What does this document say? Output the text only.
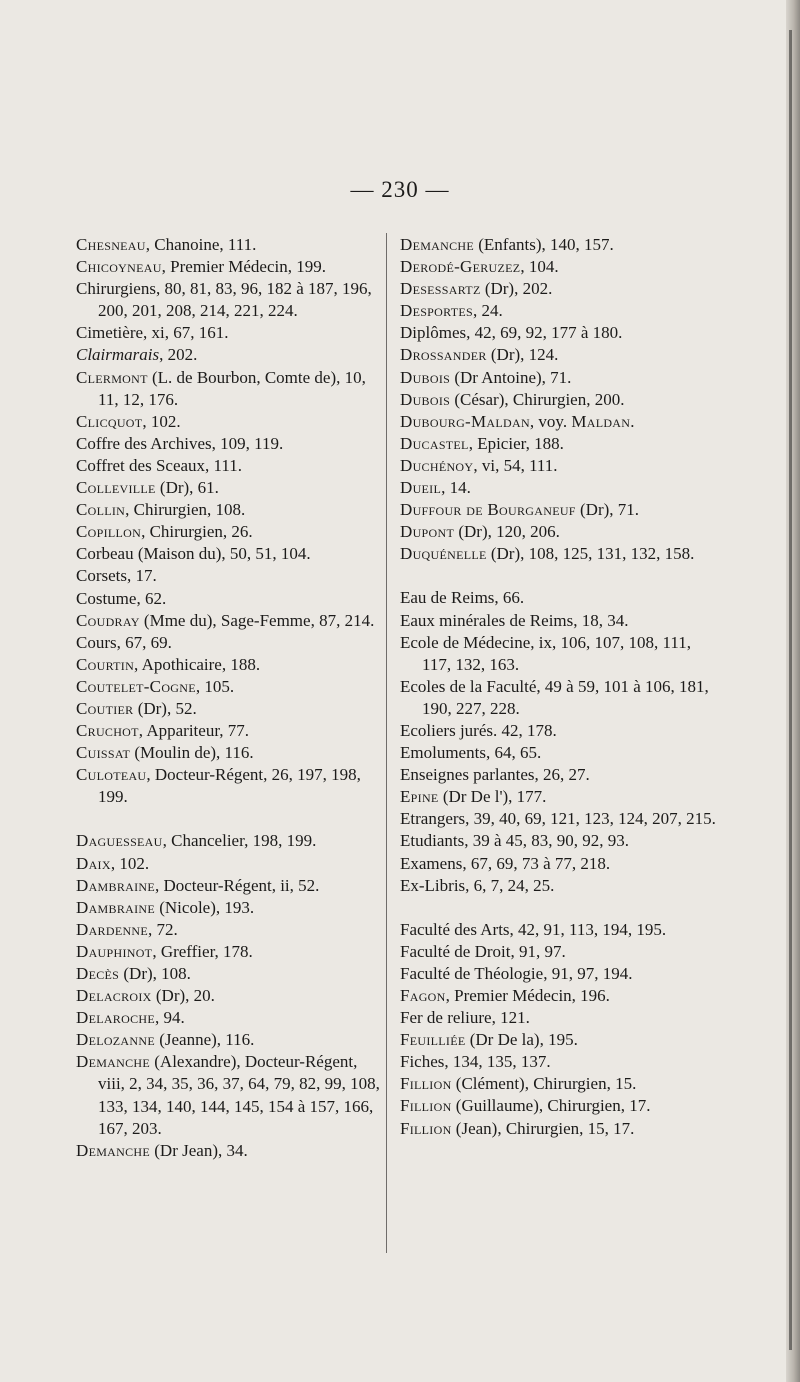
— 230 —

Chesneau, Chanoine, 111.

Chicoyneau, Premier Médecin, 199.

Chirurgiens, 80, 81, 83, 96, 182 à 187, 196, 200, 201, 208, 214, 221, 224.

Cimetière, xi, 67, 161.

Clairmarais, 202.

Clermont (L. de Bourbon, Comte de), 10, 11, 12, 176.

Clicquot, 102.

Coffre des Archives, 109, 119.

Coffret des Sceaux, 111.

Colleville (Dr), 61.

Collin, Chirurgien, 108.

Copillon, Chirurgien, 26.

Corbeau (Maison du), 50, 51, 104.

Corsets, 17.

Costume, 62.

Coudray (Mme du), Sage-Femme, 87, 214.

Cours, 67, 69.

Courtin, Apothicaire, 188.

Coutelet-Cogne, 105.

Coutier (Dr), 52.

Cruchot, Appariteur, 77.

Cuissat (Moulin de), 116.

Culoteau, Docteur-Régent, 26, 197, 198, 199.

Daguesseau, Chancelier, 198, 199.

Daix, 102.

Dambraine, Docteur-Régent, ii, 52.

Dambraine (Nicole), 193.

Dardenne, 72.

Dauphinot, Greffier, 178.

Decès (Dr), 108.

Delacroix (Dr), 20.

Delaroche, 94.

Delozanne (Jeanne), 116.

Demanche (Alexandre), Docteur-Régent, viii, 2, 34, 35, 36, 37, 64, 79, 82, 99, 108, 133, 134, 140, 144, 145, 154 à 157, 166, 167, 203.

Demanche (Dr Jean), 34.

Demanche (Enfants), 140, 157.

Derodé-Geruzez, 104.

Desessartz (Dr), 202.

Desportes, 24.

Diplômes, 42, 69, 92, 177 à 180.

Drossander (Dr), 124.

Dubois (Dr Antoine), 71.

Dubois (César), Chirurgien, 200.

Dubourg-Maldan, voy. Maldan.

Ducastel, Epicier, 188.

Duchénoy, vi, 54, 111.

Dueil, 14.

Duffour de Bourganeuf (Dr), 71.

Dupont (Dr), 120, 206.

Duquénelle (Dr), 108, 125, 131, 132, 158.

Eau de Reims, 66.

Eaux minérales de Reims, 18, 34.

Ecole de Médecine, ix, 106, 107, 108, 111, 117, 132, 163.

Ecoles de la Faculté, 49 à 59, 101 à 106, 181, 190, 227, 228.

Ecoliers jurés. 42, 178.

Emoluments, 64, 65.

Enseignes parlantes, 26, 27.

Epine (Dr De l'), 177.

Etrangers, 39, 40, 69, 121, 123, 124, 207, 215.

Etudiants, 39 à 45, 83, 90, 92, 93.

Examens, 67, 69, 73 à 77, 218.

Ex-Libris, 6, 7, 24, 25.

Faculté des Arts, 42, 91, 113, 194, 195.

Faculté de Droit, 91, 97.

Faculté de Théologie, 91, 97, 194.

Fagon, Premier Médecin, 196.

Fer de reliure, 121.

Feuilliée (Dr De la), 195.

Fiches, 134, 135, 137.

Fillion (Clément), Chirurgien, 15.

Fillion (Guillaume), Chirurgien, 17.

Fillion (Jean), Chirurgien, 15, 17.
